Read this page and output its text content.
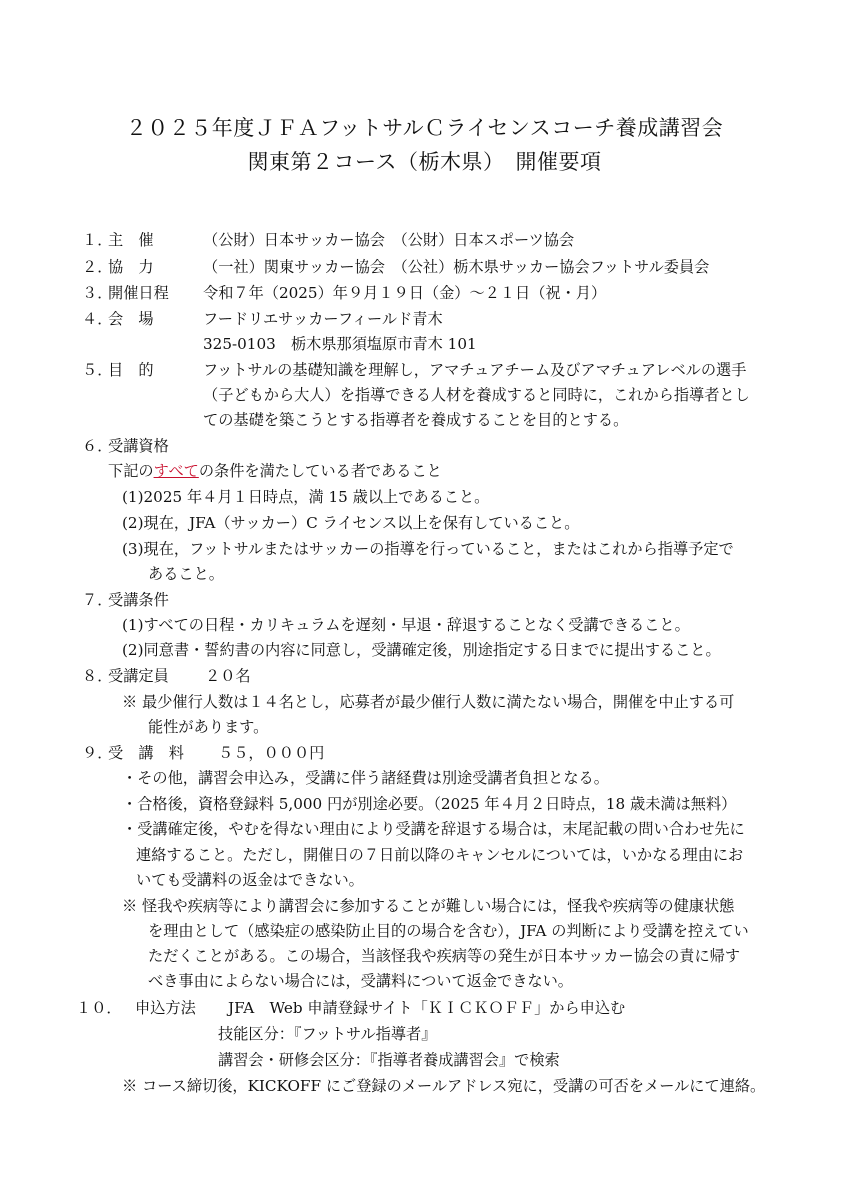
２０２５年度ＪＦＡフットサルＣライセンスコーチ養成講習会
関東第２コース（栃木県）　開催要項
１．
主　催	（公財）日本サッカー協会　（公財）日本スポーツ協会
２．
協　力	（一社）関東サッカー協会　（公社）栃木県サッカー協会フットサル委員会
３．
開催日程 令和７年（2025）年９月１９日（金）～２１日（祝・月）
４．
会　場	フードリエサッカーフィールド青木
325-0103　栃木県那須塩原市青木 101
５．
目　的	フットサルの基礎知識を理解し，アマチュアチーム及びアマチュアレベルの選手
（子どもから大人）を指導できる人材を養成すると同時に，これから指導者とし
ての基礎を築こうとする指導者を養成することを目的とする。
６．
受講資格
下記のすべての条件を満たしている者であること
(1)2025 年４月１日時点，満 15 歳以上であること。
(2)現在，JFA（サッカー）C ライセンス以上を保有していること。
(3)現在，フットサルまたはサッカーの指導を行っていること，またはこれから指導予定で
あること。
７．
受講条件
(1)すべての日程・カリキュラムを遅刻・早退・辞退することなく受講できること。
(2)同意書・誓約書の内容に同意し，受講確定後，別途指定する日までに提出すること。
８．
受講定員 ２０名
※ 最少催行人数は１４名とし，応募者が最少催行人数に満たない場合，開催を中止する可
能性があります。
９．
受　講　料 ５５，０００円
・その他，講習会申込み，受講に伴う諸経費は別途受講者負担となる。
・合格後，資格登録料 5,000 円が別途必要。（2025 年４月２日時点，18 歳未満は無料）
・受講確定後，やむを得ない理由により受講を辞退する場合は，末尾記載の問い合わせ先に
連絡すること。ただし，開催日の７日前以降のキャンセルについては，いかなる理由にお
いても受講料の返金はできない。
※ 怪我や疾病等により講習会に参加することが難しい場合には，怪我や疾病等の健康状態
を理由として（感染症の感染防止目的の場合を含む），JFA の判断により受講を控えてい
ただくことがある。この場合，当該怪我や疾病等の発生が日本サッカー協会の責に帰す
べき事由によらない場合には，受講料について返金できない。
１０． 申込方法 JFA　Web 申請登録サイト「ＫＩＣＫＯＦＦ」から申込む
技能区分：『フットサル指導者』
講習会・研修会区分：『指導者養成講習会』で検索
※ コース締切後，KICKOFF にご登録のメールアドレス宛に，受講の可否をメールにて連絡。
